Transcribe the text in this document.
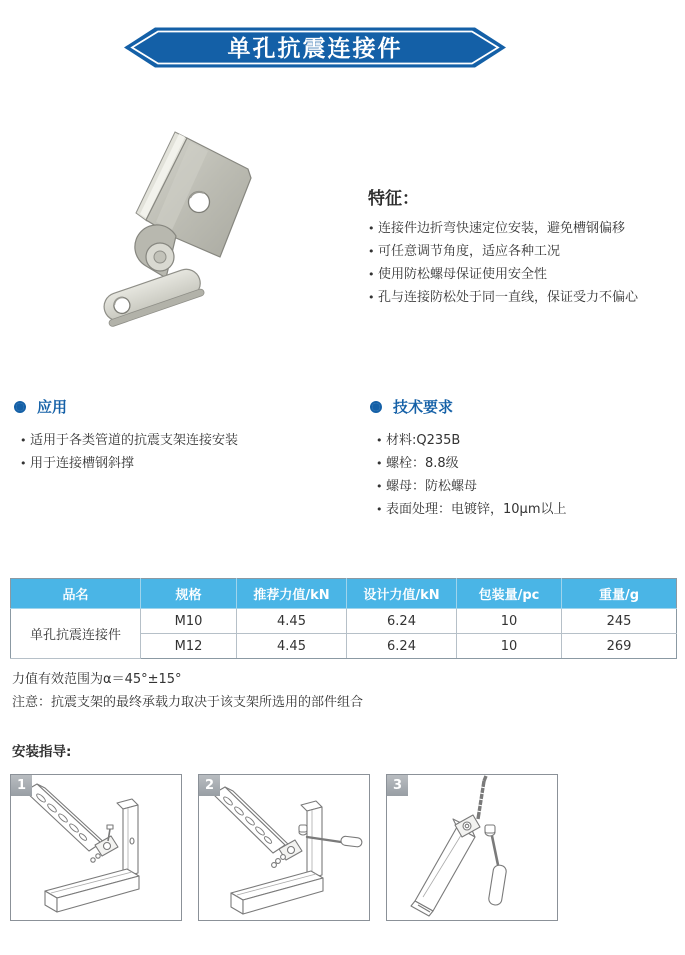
单孔抗震连接件
特征：
• 连接件边折弯快速定位安装，避免槽钢偏移
• 可任意调节角度，适应各种工况
• 使用防松螺母保证使用安全性
• 孔与连接防松处于同一直线，保证受力不偏心
应用
• 适用于各类管道的抗震支架连接安装
• 用于连接槽钢斜撑
技术要求
• 材料:Q235B
• 螺栓：8.8级
• 螺母：防松螺母
• 表面处理：电镀锌，10μm以上
品名	规格	推荐力值/kN	设计力值/kN	包装量/pc	重量/g
单孔抗震连接件	M10	4.45	6.24	10	245
	M12	4.45	6.24	10	269
力值有效范围为α＝45°±15°
注意：抗震支架的最终承载力取决于该支架所选用的部件组合
安装指导:
1	2	3
